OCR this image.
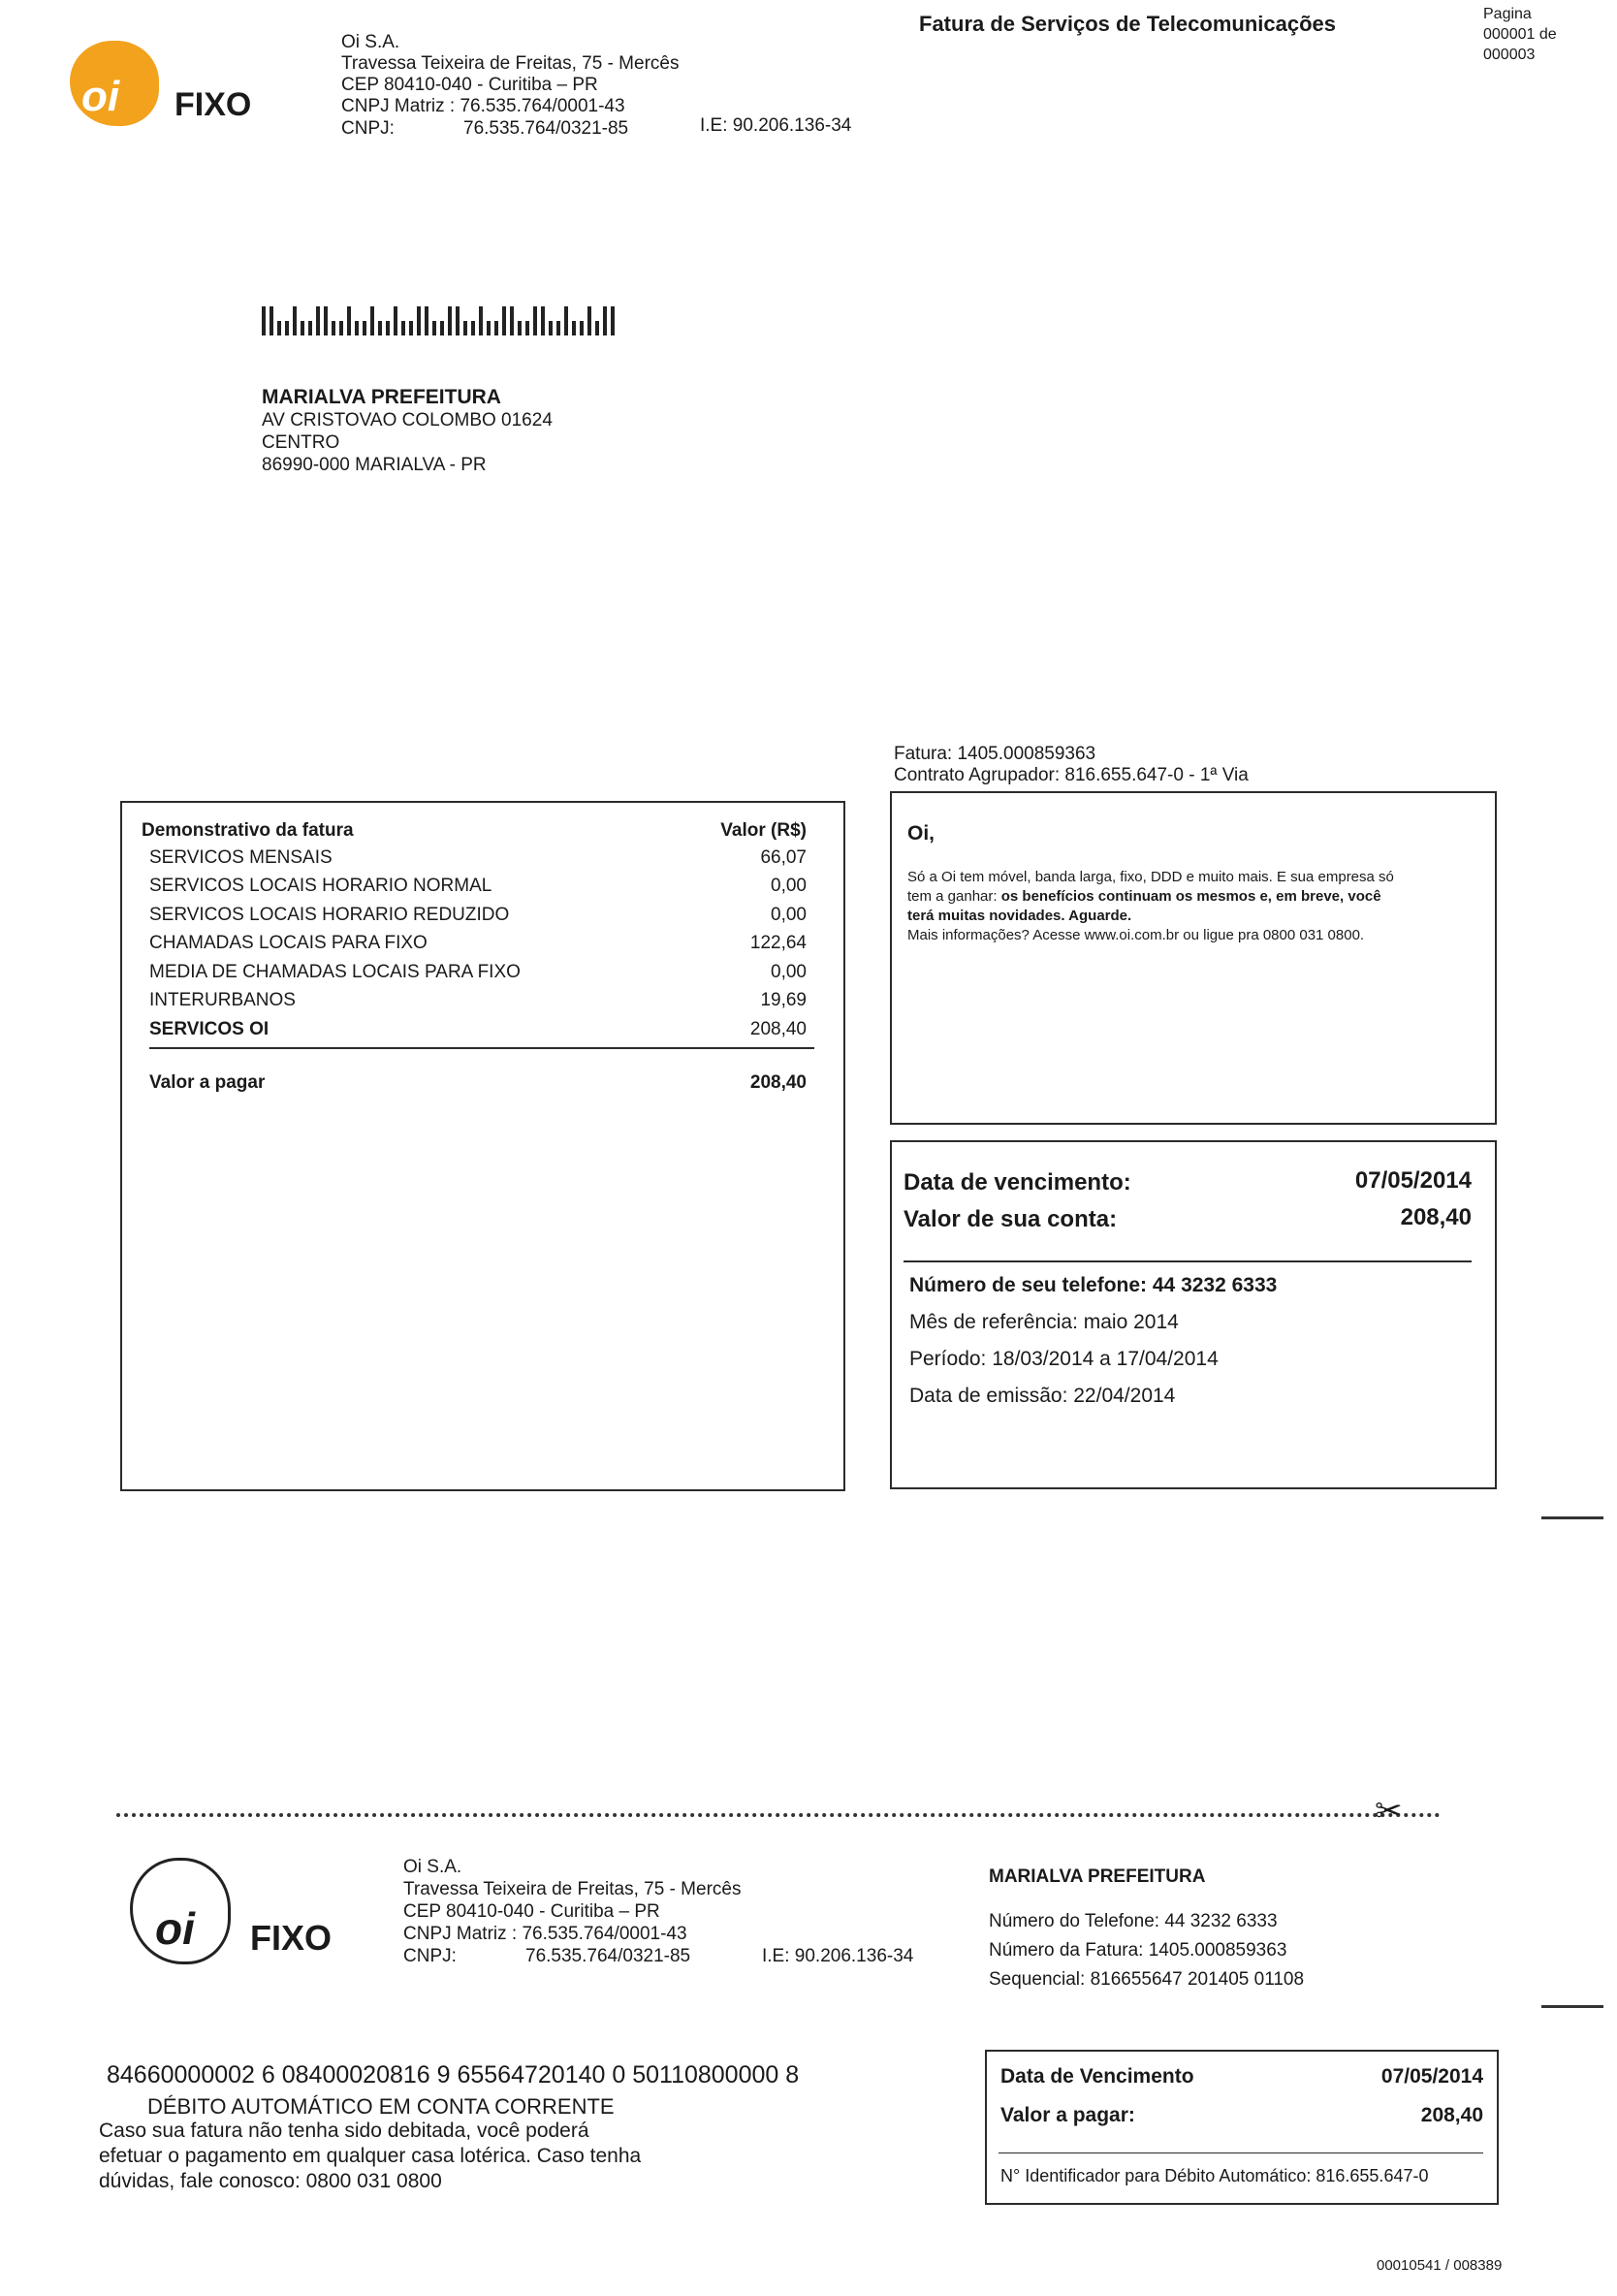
oi FIXO
Oi S.A.
Travessa Teixeira de Freitas, 75 - Mercês
CEP 80410-040 - Curitiba – PR
CNPJ Matriz : 76.535.764/0001-43
CNPJ:	76.535.764/0321-85	I.E: 90.206.136-34
Fatura de Serviços de Telecomunicações	Pagina
000001 de
000003
MARIALVA PREFEITURA
AV CRISTOVAO COLOMBO 01624
CENTRO
86990-000 MARIALVA - PR
Fatura: 1405.000859363
Contrato Agrupador: 816.655.647-0 - 1ª Via
Demonstrativo da fatura	Valor (R$)
SERVICOS MENSAIS	66,07
SERVICOS LOCAIS HORARIO NORMAL	0,00
SERVICOS LOCAIS HORARIO REDUZIDO	0,00
CHAMADAS LOCAIS PARA FIXO	122,64
MEDIA DE CHAMADAS LOCAIS PARA FIXO	0,00
INTERURBANOS	19,69
SERVICOS OI	208,40
Valor a pagar	208,40
Oi,
Só a Oi tem móvel, banda larga, fixo, DDD e muito mais. E sua empresa só
tem a ganhar: os benefícios continuam os mesmos e, em breve, você
terá muitas novidades. Aguarde.
Mais informações? Acesse www.oi.com.br ou ligue pra 0800 031 0800.
Data de vencimento:	07/05/2014
Valor de sua conta:	208,40
Número de seu telefone: 44 3232 6333
Mês de referência: maio 2014
Período: 18/03/2014 a 17/04/2014
Data de emissão: 22/04/2014
✂
oi FIXO
Oi S.A.
Travessa Teixeira de Freitas, 75 - Mercês
CEP 80410-040 - Curitiba – PR
CNPJ Matriz : 76.535.764/0001-43
CNPJ:	76.535.764/0321-85	I.E: 90.206.136-34
MARIALVA PREFEITURA
Número do Telefone: 44 3232 6333
Número da Fatura: 1405.000859363
Sequencial: 816655647 201405 01108
84660000002 6 08400020816 9 65564720140 0 50110800000 8
DÉBITO AUTOMÁTICO EM CONTA CORRENTE
Caso sua fatura não tenha sido debitada, você poderá
efetuar o pagamento em qualquer casa lotérica. Caso tenha
dúvidas, fale conosco: 0800 031 0800
Data de Vencimento	07/05/2014
Valor a pagar:	208,40
N° Identificador para Débito Automático: 816.655.647-0
00010541 / 008389
